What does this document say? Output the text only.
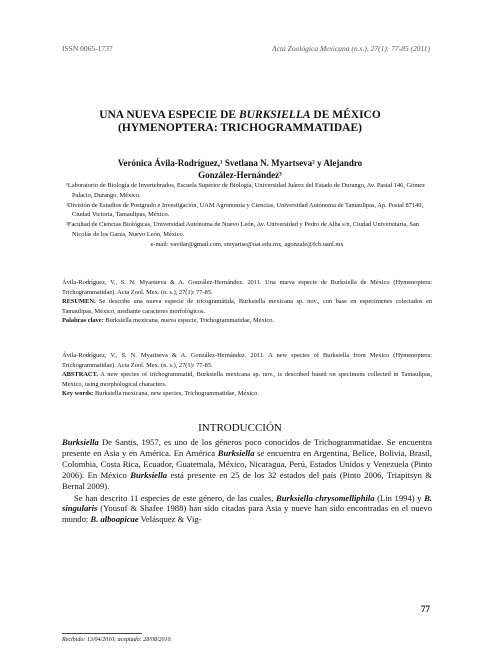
ISSN 0065-1737	Acta Zoológica Mexicana (n.s.), 27(1): 77-85 (2011)
UNA NUEVA ESPECIE DE BURKSIELLA DE MÉXICO
(HYMENOPTERA: TRICHOGRAMMATIDAE)
Verónica Ávila-Rodríguez,¹ Svetlana N. Myartseva² y Alejandro
González-Hernández³

¹Laboratorio de Biología de Invertebrados, Escuela Superior de Biología, Universidad Juárez del Estado de Durango, Av. Pastal 146, Gómez Palacio, Durango, México.

²División de Estudios de Postgrado e Investigación, UAM Agronomía y Ciencias, Universidad Autónoma de Tamaulipas, Ap. Postal 87149, Ciudad Victoria, Tamaulipas, México.

³Facultad de Ciencias Biológicas, Universidad Autónoma de Nuevo León, Av. Universidad y Pedro de Alba s/n, Ciudad Universitaria, San Nicolás de los Garza, Nuevo León, México.

e-mail: vavilar@gmail.com, smyartse@uat.edu.mx, agonzale@fcb.uanl.mx

Ávila-Rodríguez, V., S. N. Myartseva & A. González-Hernández. 2011. Una nueva especie de Burksiella de México (Hymenoptera: Trichogrammatidae). Acta Zool. Mex. (n. s.), 27(1): 77-85.

RESUMEN. Se describe una nueva especie de tricogramátida, Burksiella mexicana sp. nov., con base en especímenes colectados en Tamaulipas, México, mediante caracteres morfológicos.

Palabras clave: Burksiella mexicana, nueva especie, Trichogrammatidae, México.

Ávila-Rodríguez, V., S. N. Myartseva & A. González-Hernández. 2011. A new species of Burksiella from Mexico (Hymenoptera: Trichogrammatidae). Acta Zool. Mex. (n. s.), 27(1): 77-85.

ABSTRACT. A new species of trichogrammatid, Burksiella mexicana sp. nov., is described based on specimens collected in Tamaulipas, Mexico, using morphological characters.

Key words: Burksiella mexicana, new species, Trichogrammatidae, México.

INTRODUCCIÓN

Burksiella De Santis, 1957, es uno de los géneros poco conocidos de Trichogrammatidae. Se encuentra presente en Asia y en América. En América Burksiella se encuentra en Argentina, Belice, Bolivia, Brasil, Colombia, Costa Rica, Ecuador, Guatemala, México, Nicaragua, Perú, Estados Unidos y Venezuela (Pinto 2006). En México Burksiella está presente en 25 de los 32 estados del país (Pinto 2006, Triapitsyn & Bernal 2009).

Se han descrito 11 especies de este género, de las cuales, Burksiella chrysomelliphila (Lin 1994) y B. singularis (Yousuf & Shafee 1988) han sido citadas para Asia y nueve han sido encontradas en el nuevo mundo: B. alboapicae Velásquez & Vig-

77
Recibido: 13/04/2010; aceptado: 28/08/2010.
